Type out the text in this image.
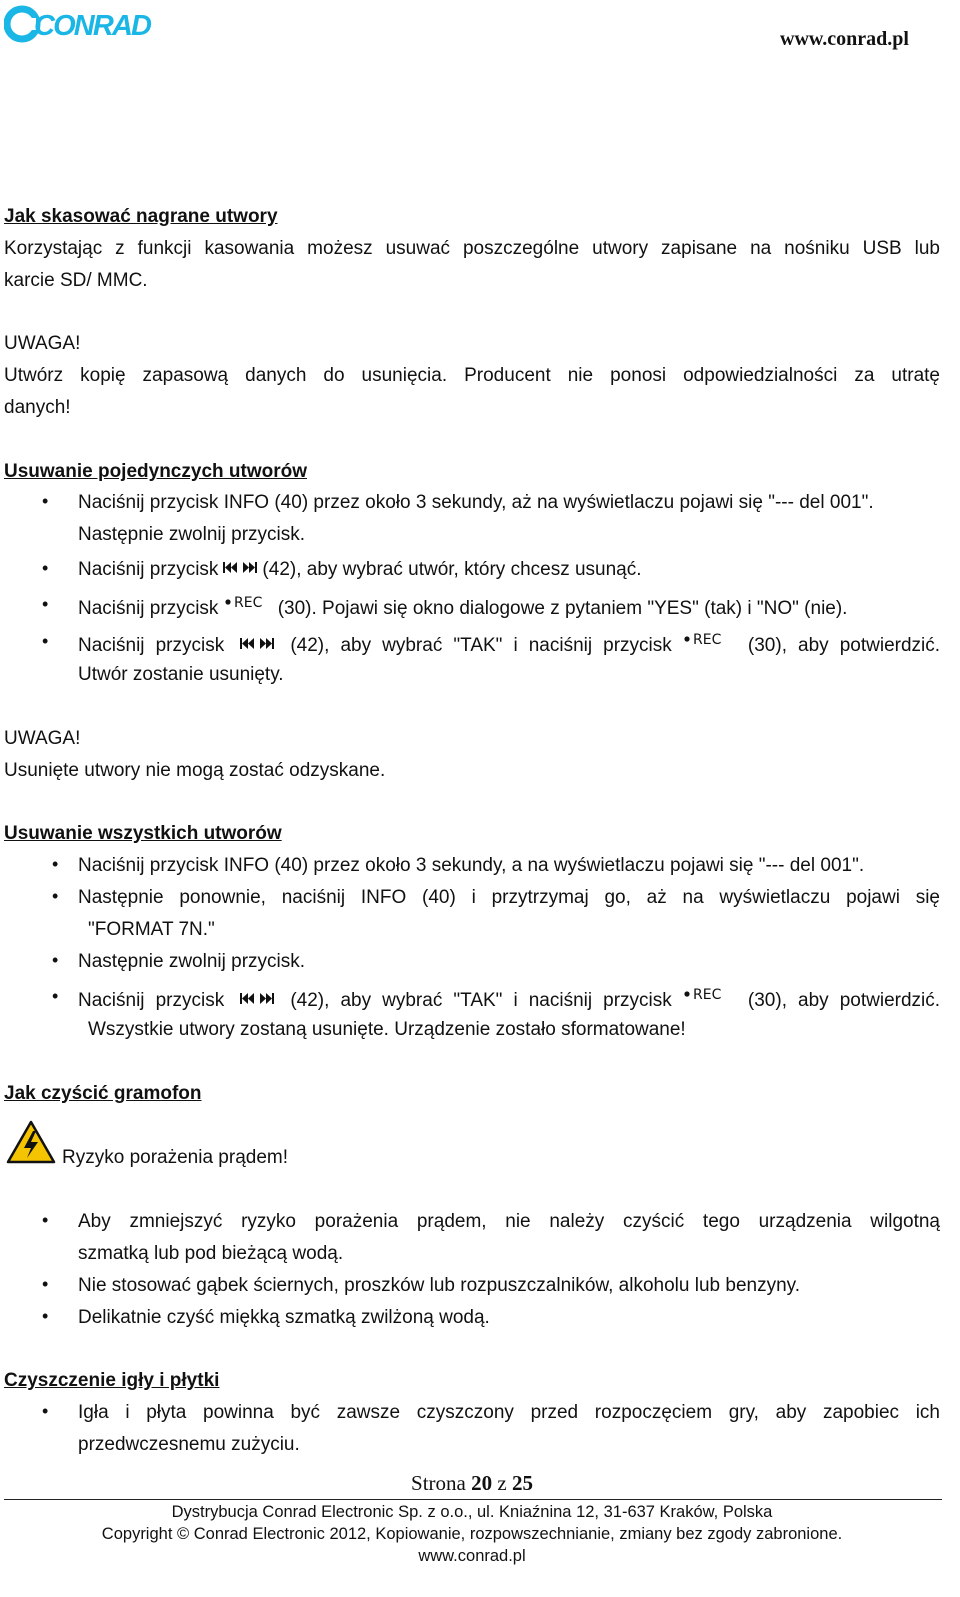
CONRAD	www.conrad.pl
Jak skasować nagrane utwory
Korzystając z funkcji kasowania możesz usuwać poszczególne utwory zapisane na nośniku USB lub
karcie SD/ MMC.
UWAGA!
Utwórz kopię zapasową danych do usunięcia. Producent nie ponosi odpowiedzialności za utratę
danych!
Usuwanie pojedynczych utworów
• Naciśnij przycisk INFO (40) przez około 3 sekundy, aż na wyświetlaczu pojawi się "--- del 001".
Następnie zwolnij przycisk.
• Naciśnij przycisk (42), aby wybrać utwór, który chcesz usunąć.
• Naciśnij przycisk REC (30). Pojawi się okno dialogowe z pytaniem "YES" (tak) i "NO" (nie).
• Naciśnij przycisk	(42), aby wybrać "TAK" i naciśnij przycisk REC (30), aby potwierdzić.
Utwór zostanie usunięty.
UWAGA!
Usunięte utwory nie mogą zostać odzyskane.
Usuwanie wszystkich utworów
• Naciśnij przycisk INFO (40) przez około 3 sekundy, a na wyświetlaczu pojawi się "--- del 001".
• Następnie ponownie, naciśnij INFO (40) i przytrzymaj go, aż na wyświetlaczu pojawi się
"FORMAT 7N."
• Następnie zwolnij przycisk.
• Naciśnij przycisk	(42), aby wybrać "TAK" i naciśnij przycisk REC (30), aby potwierdzić.
Wszystkie utwory zostaną usunięte. Urządzenie zostało sformatowane!
Jak czyścić gramofon
Ryzyko porażenia prądem!
• Aby zmniejszyć ryzyko porażenia prądem, nie należy czyścić tego urządzenia wilgotną
szmatką lub pod bieżącą wodą.
• Nie stosować gąbek ściernych, proszków lub rozpuszczalników, alkoholu lub benzyny.
• Delikatnie czyść miękką szmatką zwilżoną wodą.
Czyszczenie igły i płytki
• Igła i płyta powinna być zawsze czyszczony przed rozpoczęciem gry, aby zapobiec ich
przedwczesnemu zużyciu.
Strona 20 z 25
Dystrybucja Conrad Electronic Sp. z o.o., ul. Kniaźnina 12, 31-637 Kraków, Polska
Copyright © Conrad Electronic 2012, Kopiowanie, rozpowszechnianie, zmiany bez zgody zabronione.
www.conrad.pl
